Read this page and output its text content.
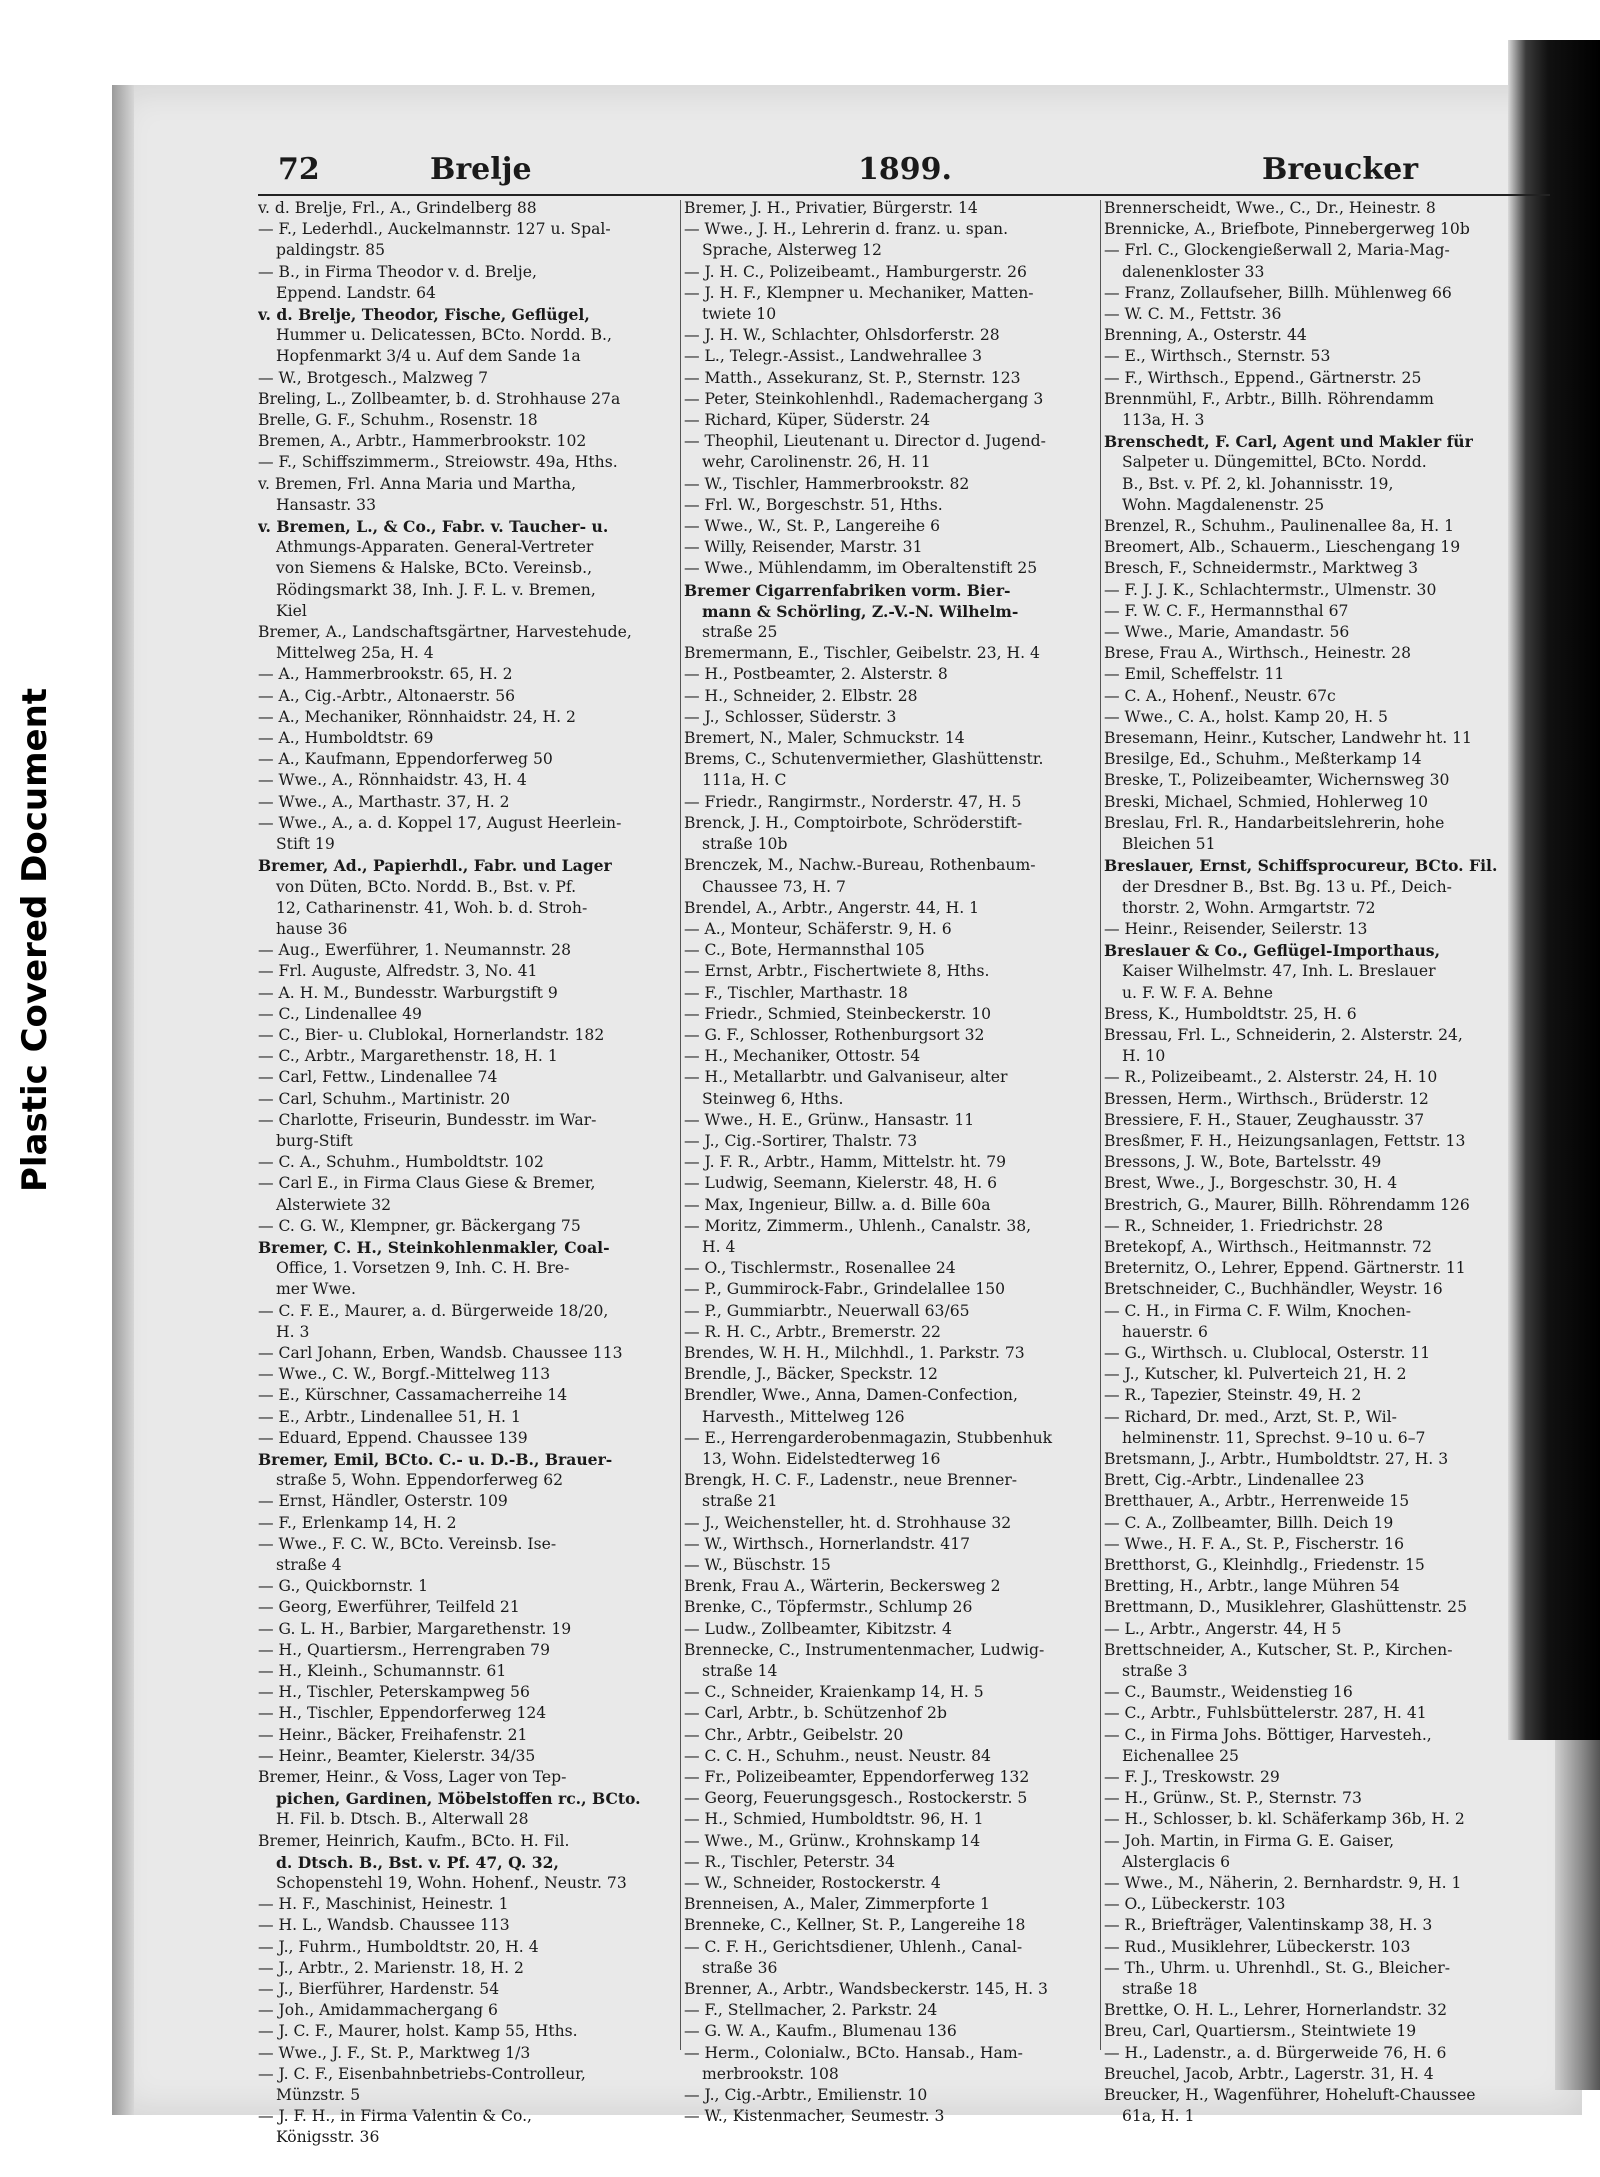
Plastic Covered Document
72	Brelje	1899.	Breucker
v. d. Brelje, Frl., A., Grindelberg 88
— F., Lederhdl., Auckelmannstr. 127 u. Spal-
paldingstr. 85
— B., in Firma Theodor v. d. Brelje,
Eppend. Landstr. 64
v. d. Brelje, Theodor, Fische, Geflügel,
Hummer u. Delicatessen, BCto. Nordd. B.,
Hopfenmarkt 3/4 u. Auf dem Sande 1a
— W., Brotgesch., Malzweg 7
Breling, L., Zollbeamter, b. d. Strohhause 27a
Brelle, G. F., Schuhm., Rosenstr. 18
Bremen, A., Arbtr., Hammerbrookstr. 102
— F., Schiffszimmerm., Streiowstr. 49a, Hths.
v. Bremen, Frl. Anna Maria und Martha,
Hansastr. 33
v. Bremen, L., & Co., Fabr. v. Taucher- u.
Athmungs-Apparaten. General-Vertreter
von Siemens & Halske, BCto. Vereinsb.,
Rödingsmarkt 38, Inh. J. F. L. v. Bremen,
Kiel
Bremer, A., Landschaftsgärtner, Harvestehude,
Mittelweg 25a, H. 4
— A., Hammerbrookstr. 65, H. 2
— A., Cig.-Arbtr., Altonaerstr. 56
— A., Mechaniker, Rönnhaidstr. 24, H. 2
— A., Humboldtstr. 69
— A., Kaufmann, Eppendorferweg 50
— Wwe., A., Rönnhaidstr. 43, H. 4
— Wwe., A., Marthastr. 37, H. 2
— Wwe., A., a. d. Koppel 17, August Heerlein-
Stift 19
Bremer, Ad., Papierhdl., Fabr. und Lager
von Düten, BCto. Nordd. B., Bst. v. Pf.
12, Catharinenstr. 41, Woh. b. d. Stroh-
hause 36
— Aug., Ewerführer, 1. Neumannstr. 28
— Frl. Auguste, Alfredstr. 3, No. 41
— A. H. M., Bundesstr. Warburgstift 9
— C., Lindenallee 49
— C., Bier- u. Clublokal, Hornerlandstr. 182
— C., Arbtr., Margarethenstr. 18, H. 1
— Carl, Fettw., Lindenallee 74
— Carl, Schuhm., Martinistr. 20
— Charlotte, Friseurin, Bundesstr. im War-
burg-Stift
— C. A., Schuhm., Humboldtstr. 102
— Carl E., in Firma Claus Giese & Bremer,
Alsterwiete 32
— C. G. W., Klempner, gr. Bäckergang 75
Bremer, C. H., Steinkohlenmakler, Coal-
Office, 1. Vorsetzen 9, Inh. C. H. Bre-
mer Wwe.
— C. F. E., Maurer, a. d. Bürgerweide 18/20,
H. 3
— Carl Johann, Erben, Wandsb. Chaussee 113
— Wwe., C. W., Borgf.-Mittelweg 113
— E., Kürschner, Cassamacherreihe 14
— E., Arbtr., Lindenallee 51, H. 1
— Eduard, Eppend. Chaussee 139
Bremer, Emil, BCto. C.- u. D.-B., Brauer-
straße 5, Wohn. Eppendorferweg 62
— Ernst, Händler, Osterstr. 109
— F., Erlenkamp 14, H. 2
— Wwe., F. C. W., BCto. Vereinsb. Ise-
straße 4
— G., Quickbornstr. 1
— Georg, Ewerführer, Teilfeld 21
— G. L. H., Barbier, Margarethenstr. 19
— H., Quartiersm., Herrengraben 79
— H., Kleinh., Schumannstr. 61
— H., Tischler, Peterskampweg 56
— H., Tischler, Eppendorferweg 124
— Heinr., Bäcker, Freihafenstr. 21
— Heinr., Beamter, Kielerstr. 34/35
Bremer, Heinr., & Voss, Lager von Tep-
pichen, Gardinen, Möbelstoffen rc., BCto.
H. Fil. b. Dtsch. B., Alterwall 28
Bremer, Heinrich, Kaufm., BCto. H. Fil.
d. Dtsch. B., Bst. v. Pf. 47, Q. 32,
Schopenstehl 19, Wohn. Hohenf., Neustr. 73
— H. F., Maschinist, Heinestr. 1
— H. L., Wandsb. Chaussee 113
— J., Fuhrm., Humboldtstr. 20, H. 4
— J., Arbtr., 2. Marienstr. 18, H. 2
— J., Bierführer, Hardenstr. 54
— Joh., Amidammachergang 6
— J. C. F., Maurer, holst. Kamp 55, Hths.
— Wwe., J. F., St. P., Marktweg 1/3
— J. C. F., Eisenbahnbetriebs-Controlleur,
Münzstr. 5
— J. F. H., in Firma Valentin & Co.,
Königsstr. 36
Bremer, J. H., Privatier, Bürgerstr. 14
— Wwe., J. H., Lehrerin d. franz. u. span.
Sprache, Alsterweg 12
— J. H. C., Polizeibeamt., Hamburgerstr. 26
— J. H. F., Klempner u. Mechaniker, Matten-
twiete 10
— J. H. W., Schlachter, Ohlsdorferstr. 28
— L., Telegr.-Assist., Landwehrallee 3
— Matth., Assekuranz, St. P., Sternstr. 123
— Peter, Steinkohlenhdl., Rademachergang 3
— Richard, Küper, Süderstr. 24
— Theophil, Lieutenant u. Director d. Jugend-
wehr, Carolinenstr. 26, H. 11
— W., Tischler, Hammerbrookstr. 82
— Frl. W., Borgeschstr. 51, Hths.
— Wwe., W., St. P., Langereihe 6
— Willy, Reisender, Marstr. 31
— Wwe., Mühlendamm, im Oberaltenstift 25
Bremer Cigarrenfabriken vorm. Bier-
mann & Schörling, Z.-V.-N. Wilhelm-
straße 25
Bremermann, E., Tischler, Geibelstr. 23, H. 4
— H., Postbeamter, 2. Alsterstr. 8
— H., Schneider, 2. Elbstr. 28
— J., Schlosser, Süderstr. 3
Bremert, N., Maler, Schmuckstr. 14
Brems, C., Schutenvermiether, Glashüttenstr.
111a, H. C
— Friedr., Rangirmstr., Norderstr. 47, H. 5
Brenck, J. H., Comptoirbote, Schröderstift-
straße 10b
Brenczek, M., Nachw.-Bureau, Rothenbaum-
Chaussee 73, H. 7
Brendel, A., Arbtr., Angerstr. 44, H. 1
— A., Monteur, Schäferstr. 9, H. 6
— C., Bote, Hermannsthal 105
— Ernst, Arbtr., Fischertwiete 8, Hths.
— F., Tischler, Marthastr. 18
— Friedr., Schmied, Steinbeckerstr. 10
— G. F., Schlosser, Rothenburgsort 32
— H., Mechaniker, Ottostr. 54
— H., Metallarbtr. und Galvaniseur, alter
Steinweg 6, Hths.
— Wwe., H. E., Grünw., Hansastr. 11
— J., Cig.-Sortirer, Thalstr. 73
— J. F. R., Arbtr., Hamm, Mittelstr. ht. 79
— Ludwig, Seemann, Kielerstr. 48, H. 6
— Max, Ingenieur, Billw. a. d. Bille 60a
— Moritz, Zimmerm., Uhlenh., Canalstr. 38,
H. 4
— O., Tischlermstr., Rosenallee 24
— P., Gummirock-Fabr., Grindelallee 150
— P., Gummiarbtr., Neuerwall 63/65
— R. H. C., Arbtr., Bremerstr. 22
Brendes, W. H. H., Milchhdl., 1. Parkstr. 73
Brendle, J., Bäcker, Speckstr. 12
Brendler, Wwe., Anna, Damen-Confection,
Harvesth., Mittelweg 126
— E., Herrengarderobenmagazin, Stubbenhuk
13, Wohn. Eidelstedterweg 16
Brengk, H. C. F., Ladenstr., neue Brenner-
straße 21
— J., Weichensteller, ht. d. Strohhause 32
— W., Wirthsch., Hornerlandstr. 417
— W., Büschstr. 15
Brenk, Frau A., Wärterin, Beckersweg 2
Brenke, C., Töpfermstr., Schlump 26
— Ludw., Zollbeamter, Kibitzstr. 4
Brennecke, C., Instrumentenmacher, Ludwig-
straße 14
— C., Schneider, Kraienkamp 14, H. 5
— Carl, Arbtr., b. Schützenhof 2b
— Chr., Arbtr., Geibelstr. 20
— C. C. H., Schuhm., neust. Neustr. 84
— Fr., Polizeibeamter, Eppendorferweg 132
— Georg, Feuerungsgesch., Rostockerstr. 5
— H., Schmied, Humboldtstr. 96, H. 1
— Wwe., M., Grünw., Krohnskamp 14
— R., Tischler, Peterstr. 34
— W., Schneider, Rostockerstr. 4
Brenneisen, A., Maler, Zimmerpforte 1
Brenneke, C., Kellner, St. P., Langereihe 18
— C. F. H., Gerichtsdiener, Uhlenh., Canal-
straße 36
Brenner, A., Arbtr., Wandsbeckerstr. 145, H. 3
— F., Stellmacher, 2. Parkstr. 24
— G. W. A., Kaufm., Blumenau 136
— Herm., Colonialw., BCto. Hansab., Ham-
merbrookstr. 108
— J., Cig.-Arbtr., Emilienstr. 10
— W., Kistenmacher, Seumestr. 3
Brennerscheidt, Wwe., C., Dr., Heinestr. 8
Brennicke, A., Briefbote, Pinnebergerweg 10b
— Frl. C., Glockengießerwall 2, Maria-Mag-
dalenenkloster 33
— Franz, Zollaufseher, Billh. Mühlenweg 66
— W. C. M., Fettstr. 36
Brenning, A., Osterstr. 44
— E., Wirthsch., Sternstr. 53
— F., Wirthsch., Eppend., Gärtnerstr. 25
Brennmühl, F., Arbtr., Billh. Röhrendamm
113a, H. 3
Brenschedt, F. Carl, Agent und Makler für
Salpeter u. Düngemittel, BCto. Nordd.
B., Bst. v. Pf. 2, kl. Johannisstr. 19,
Wohn. Magdalenenstr. 25
Brenzel, R., Schuhm., Paulinenallee 8a, H. 1
Breomert, Alb., Schauerm., Lieschengang 19
Bresch, F., Schneidermstr., Marktweg 3
— F. J. J. K., Schlachtermstr., Ulmenstr. 30
— F. W. C. F., Hermannsthal 67
— Wwe., Marie, Amandastr. 56
Brese, Frau A., Wirthsch., Heinestr. 28
— Emil, Scheffelstr. 11
— C. A., Hohenf., Neustr. 67c
— Wwe., C. A., holst. Kamp 20, H. 5
Bresemann, Heinr., Kutscher, Landwehr ht. 11
Bresilge, Ed., Schuhm., Meßterkamp 14
Breske, T., Polizeibeamter, Wichernsweg 30
Breski, Michael, Schmied, Hohlerweg 10
Breslau, Frl. R., Handarbeitslehrerin, hohe
Bleichen 51
Breslauer, Ernst, Schiffsprocureur, BCto. Fil.
der Dresdner B., Bst. Bg. 13 u. Pf., Deich-
thorstr. 2, Wohn. Armgartstr. 72
— Heinr., Reisender, Seilerstr. 13
Breslauer & Co., Geflügel-Importhaus,
Kaiser Wilhelmstr. 47, Inh. L. Breslauer
u. F. W. F. A. Behne
Bress, K., Humboldtstr. 25, H. 6
Bressau, Frl. L., Schneiderin, 2. Alsterstr. 24,
H. 10
— R., Polizeibeamt., 2. Alsterstr. 24, H. 10
Bressen, Herm., Wirthsch., Brüderstr. 12
Bressiere, F. H., Stauer, Zeughausstr. 37
Bresßmer, F. H., Heizungsanlagen, Fettstr. 13
Bressons, J. W., Bote, Bartelsstr. 49
Brest, Wwe., J., Borgeschstr. 30, H. 4
Brestrich, G., Maurer, Billh. Röhrendamm 126
— R., Schneider, 1. Friedrichstr. 28
Bretekopf, A., Wirthsch., Heitmannstr. 72
Breternitz, O., Lehrer, Eppend. Gärtnerstr. 11
Bretschneider, C., Buchhändler, Weystr. 16
— C. H., in Firma C. F. Wilm, Knochen-
hauerstr. 6
— G., Wirthsch. u. Clublocal, Osterstr. 11
— J., Kutscher, kl. Pulverteich 21, H. 2
— R., Tapezier, Steinstr. 49, H. 2
— Richard, Dr. med., Arzt, St. P., Wil-
helminenstr. 11, Sprechst. 9–10 u. 6–7
Bretsmann, J., Arbtr., Humboldtstr. 27, H. 3
Brett, Cig.-Arbtr., Lindenallee 23
Bretthauer, A., Arbtr., Herrenweide 15
— C. A., Zollbeamter, Billh. Deich 19
— Wwe., H. F. A., St. P., Fischerstr. 16
Bretthorst, G., Kleinhdlg., Friedenstr. 15
Bretting, H., Arbtr., lange Mühren 54
Brettmann, D., Musiklehrer, Glashüttenstr. 25
— L., Arbtr., Angerstr. 44, H 5
Brettschneider, A., Kutscher, St. P., Kirchen-
straße 3
— C., Baumstr., Weidenstieg 16
— C., Arbtr., Fuhlsbüttelerstr. 287, H. 41
— C., in Firma Johs. Böttiger, Harvesteh.,
Eichenallee 25
— F. J., Treskowstr. 29
— H., Grünw., St. P., Sternstr. 73
— H., Schlosser, b. kl. Schäferkamp 36b, H. 2
— Joh. Martin, in Firma G. E. Gaiser,
Alsterglacis 6
— Wwe., M., Näherin, 2. Bernhardstr. 9, H. 1
— O., Lübeckerstr. 103
— R., Briefträger, Valentinskamp 38, H. 3
— Rud., Musiklehrer, Lübeckerstr. 103
— Th., Uhrm. u. Uhrenhdl., St. G., Bleicher-
straße 18
Brettke, O. H. L., Lehrer, Hornerlandstr. 32
Breu, Carl, Quartiersm., Steintwiete 19
— H., Ladenstr., a. d. Bürgerweide 76, H. 6
Breuchel, Jacob, Arbtr., Lagerstr. 31, H. 4
Breucker, H., Wagenführer, Hoheluft-Chaussee
61a, H. 1
